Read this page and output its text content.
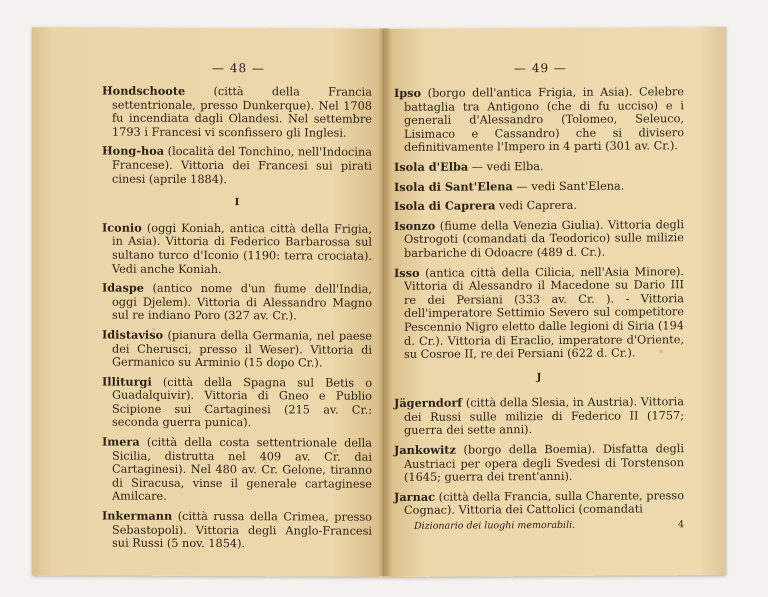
— 48 —
Hondschoote (città della Francia settentrionale, presso Dunkerque). Nel 1708 fu incendiata dagli Olandesi. Nel settembre 1793 i Francesi vi sconfissero gli Inglesi.
Hong-hoa (località del Tonchino, nell'Indocina Francese). Vittoria dei Francesi sui pirati cinesi (aprile 1884).
I
Iconio (oggi Koniah, antica città della Frigia, in Asia). Vittoria di Federico Barbarossa sul sultano turco d'Iconio (1190: terra crociata). Vedi anche Koniah.
Idaspe (antico nome d'un fiume dell'India, oggi Djelem). Vittoria di Alessandro Magno sul re indiano Poro (327 av. Cr.).
Idistaviso (pianura della Germania, nel paese dei Cherusci, presso il Weser). Vittoria di Germanico su Arminio (15 dopo Cr.).
Illiturgi (città della Spagna sul Betis o Guadalquivir). Vittoria di Gneo e Publio Scipione sui Cartaginesi (215 av. Cr.: seconda guerra punica).
Imera (città della costa settentrionale della Sicilia, distrutta nel 409 av. Cr. dai Cartaginesi). Nel 480 av. Cr. Gelone, tiranno di Siracusa, vinse il generale cartaginese Amilcare.
Inkermann (città russa della Crimea, presso Sebastopoli). Vittoria degli Anglo-Francesi sui Russi (5 nov. 1854).
— 49 —
Ipso (borgo dell'antica Frigia, in Asia). Celebre battaglia tra Antigono (che di fu ucciso) e i generali d'Alessandro (Tolomeo, Seleuco, Lisimaco e Cassandro) che si divisero definitivamente l'Impero in 4 parti (301 av. Cr.).
Isola d'Elba — vedi Elba.
Isola di Sant'Elena — vedi Sant'Elena.
Isola di Caprera vedi Caprera.
Isonzo (fiume della Venezia Giulia). Vittoria degli Ostrogoti (comandati da Teodorico) sulle milizie barbariche di Odoacre (489 d. Cr.).
Isso (antica città della Cilicia, nell'Asia Minore). Vittoria di Alessandro il Macedone su Dario III re dei Persiani (333 av. Cr. ). - Vittoria dell'imperatore Settimio Severo sul competitore Pescennio Nigro eletto dalle legioni di Siria (194 d. Cr.). Vittoria di Eraclio, imperatore d'Oriente, su Cosroe II, re dei Persiani (622 d. Cr.).
J
Jägerndorf (città della Slesia, in Austria). Vittoria dei Russi sulle milizie di Federico II (1757; guerra dei sette anni).
Jankowitz (borgo della Boemia). Disfatta degli Austriaci per opera degli Svedesi di Torstenson (1645; guerra dei trent'anni).
Jarnac (città della Francia, sulla Charente, presso Cognac). Vittoria dei Cattolici (comandati
Dizionario dei luoghi memorabili.	4
